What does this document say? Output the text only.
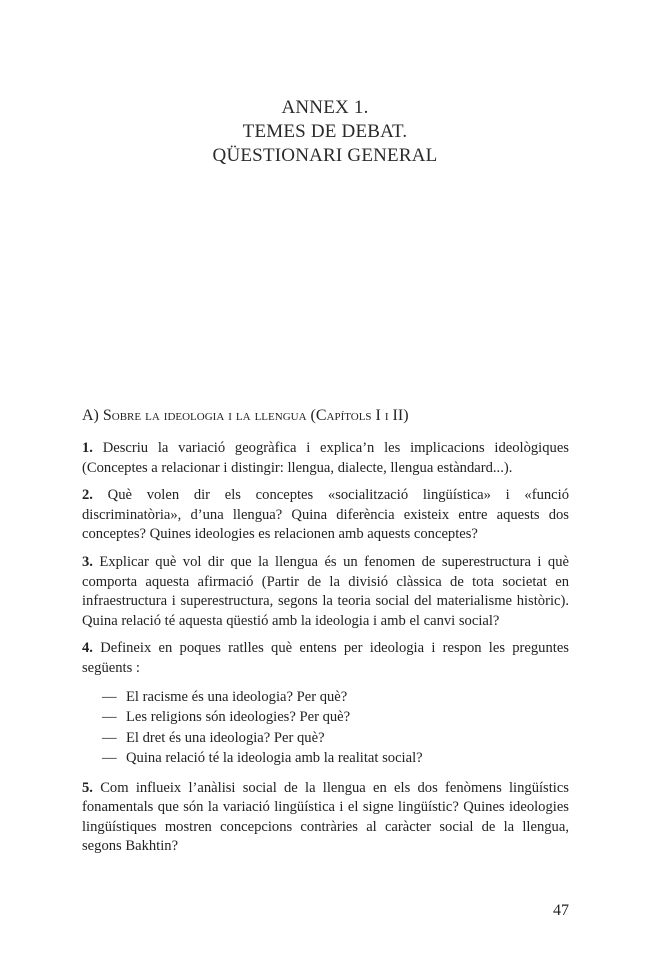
ANNEX 1.
TEMES DE DEBAT.
QÜESTIONARI GENERAL
A) Sobre la ideologia i la llengua (Capítols I i II)

1. Descriu la variació geogràfica i explica’n les implicacions ideològiques (Conceptes a relacionar i distingir: llengua, dialecte, llengua estàndard...).

2. Què volen dir els conceptes «socialització lingüística» i «funció discriminatòria», d’una llengua? Quina diferència existeix entre aquests dos conceptes? Quines ideologies es relacionen amb aquests conceptes?

3. Explicar què vol dir que la llengua és un fenomen de superestructura i què comporta aquesta afirmació (Partir de la divisió clàssica de tota societat en infraestructura i superestructura, segons la teoria social del materialisme històric). Quina relació té aquesta qüestió amb la ideologia i amb el canvi social?

4. Defineix en poques ratlles què entens per ideologia i respon les preguntes següents :

— El racisme és una ideologia? Per què?
— Les religions són ideologies? Per què?
— El dret és una ideologia? Per què?
— Quina relació té la ideologia amb la realitat social?

5. Com influeix l’anàlisi social de la llengua en els dos fenòmens lingüístics fonamentals que són la variació lingüística i el signe lingüístic? Quines ideologies lingüístiques mostren concepcions contràries al caràcter social de la llengua, segons Bakhtin?

47
